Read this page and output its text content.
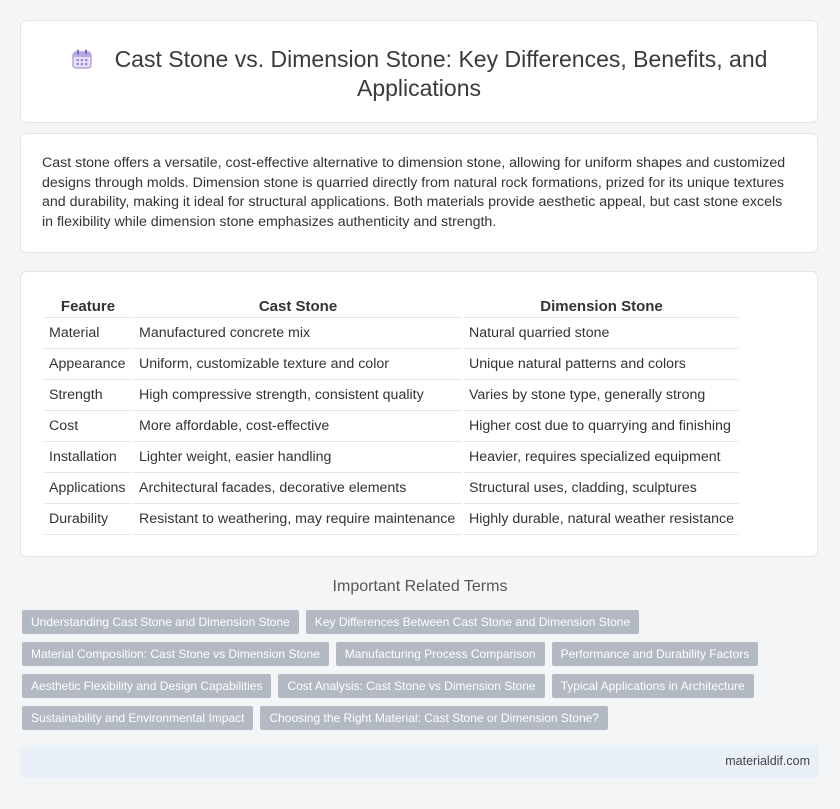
Cast Stone vs. Dimension Stone: Key Differences, Benefits, and Applications
Cast stone offers a versatile, cost-effective alternative to dimension stone, allowing for uniform shapes and customized designs through molds. Dimension stone is quarried directly from natural rock formations, prized for its unique textures and durability, making it ideal for structural applications. Both materials provide aesthetic appeal, but cast stone excels in flexibility while dimension stone emphasizes authenticity and strength.
Feature	Cast Stone	Dimension Stone
Material	Manufactured concrete mix	Natural quarried stone
Appearance	Uniform, customizable texture and color	Unique natural patterns and colors
Strength	High compressive strength, consistent quality	Varies by stone type, generally strong
Cost	More affordable, cost-effective	Higher cost due to quarrying and finishing
Installation	Lighter weight, easier handling	Heavier, requires specialized equipment
Applications	Architectural facades, decorative elements	Structural uses, cladding, sculptures
Durability	Resistant to weathering, may require maintenance	Highly durable, natural weather resistance
Important Related Terms
Understanding Cast Stone and Dimension Stone	Key Differences Between Cast Stone and Dimension Stone
Material Composition: Cast Stone vs Dimension Stone	Manufacturing Process Comparison	Performance and Durability Factors
Aesthetic Flexibility and Design Capabilities	Cost Analysis: Cast Stone vs Dimension Stone	Typical Applications in Architecture
Sustainability and Environmental Impact	Choosing the Right Material: Cast Stone or Dimension Stone?
materialdif.com
